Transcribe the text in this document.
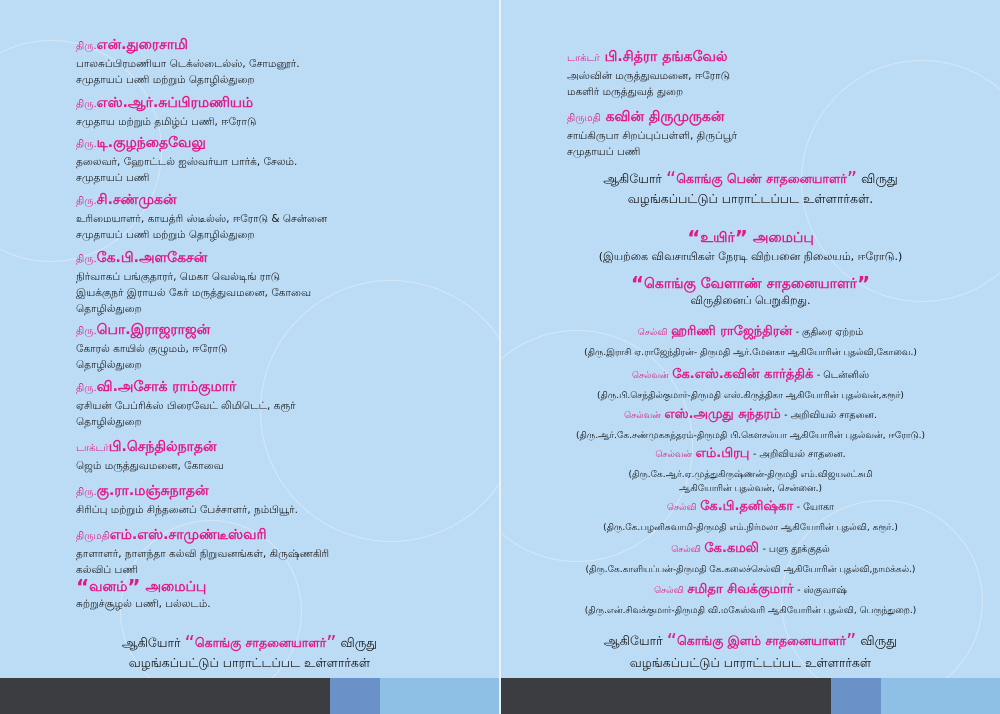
திரு.என்.துரைசாமி
பாலசுப்பிரமணியா டெக்ஸ்டைல்ஸ், சோமனூர்.
சமுதாயப் பணி மற்றும் தொழில்துறை
திரு.எஸ்.ஆர்.சுப்பிரமணியம்
சமுதாய மற்றும் தமிழ்ப் பணி, ஈரோடு
திரு.டி.குழந்தைவேலு
தலைவர், ஹோட்டல் ஐஸ்வர்யா பார்க், சேலம்.
சமுதாயப் பணி
திரு.சி.சண்முகன்
உரிமையாளர், காயத்ரி ஸ்டீல்ஸ், ஈரோடு & சென்னை
சமுதாயப் பணி மற்றும் தொழில்துறை
திரு.கே.பி.அளகேசன்
நிர்வாகப் பங்குதாரர், மெகா வெல்டிங் ராடு
இயக்குநர் இராயல் கேர் மருத்துவமனை, கோவை
தொழில்துறை
திரு.பொ.இராஜராஜன்
கோரல் காயில் குழுமம், ஈரோடு
தொழில்துறை
திரு.வி.அசோக் ராம்குமார்
ஏசியன் பேப்ரிக்ஸ் பிரைவேட் லிமிடெட், கரூர்
தொழில்துறை
டாக்டர்பி.செந்தில்நாதன்
ஜெம் மருத்துவமனை, கோவை
திரு.கு.ரா.மஞ்சுநாதன்
சிரிப்பு மற்றும் சிந்தனைப் பேச்சாளர், நம்பியூர்.
திருமதிஎம்.எஸ்.சாமுண்டீஸ்வரி
தாளாளர், நாளந்தா கல்வி நிறுவனங்கள், கிருஷ்ணகிரி
கல்விப் பணி
“வனம்” அமைப்பு
சுற்றுச்சூழல் பணி, பல்லடம்.
ஆகியோர் “கொங்கு சாதனையாளர்” விருது
வழங்கப்பட்டுப் பாராட்டப்பட உள்ளார்கள்
டாக்டர் பி.சித்ரா தங்கவேல்
அஸ்வின் மருத்துவமனை, ஈரோடு
மகளிர் மருத்துவத் துறை
திருமதி கவின் திருமுருகன்
சாய்கிருபா சிறப்புப்பள்ளி, திருப்பூர்
சமுதாயப் பணி
ஆகியோர் “கொங்கு பெண் சாதனையாளர்” விருது
வழங்கப்பட்டுப் பாராட்டப்பட உள்ளார்கள்.
“உயிர்” அமைப்பு
(இயற்கை விவசாயிகள் நேரடி விற்பனை நிலையம், ஈரோடு.)
“கொங்கு வேளாண் சாதனையாளர்”
விருதினைப் பெறுகிறது.
செல்வி ஹரிணி ராஜேந்திரன் - குதிரை ஏற்றம்
(திரு.இராசி ஏ.ராஜேந்திரன்- திருமதி ஆர்.மேனகா ஆகியோரின் புதல்வி,கோவை.)
செல்வன் கே.எஸ்.கவின் கார்த்திக் - டென்னிஸ்
(திரு.பி.செந்தில்குமார்-திருமதி எஸ்.கிருத்திகா ஆகியோரின் புதல்வன்,கரூர்)
செல்வன் எஸ்.அமுது சுந்தரம் - அறிவியல் சாதனை.
(திரு.ஆர்.கே.சண்முகசுந்தரம்-திருமதி பி.கௌசல்யா ஆகியோரின் புதல்வன், ஈரோடு.)
செல்வன் எம்.பிரபு - அறிவியல் சாதனை.
(திரு.கே.ஆர்.ஏ.முத்துகிருஷ்ணன்-திருமதி எம்.விஜயலட்சுமி
ஆகியோரின் புதல்வன், சென்னை.)
செல்வி கே.பி.தனிஷ்கா - யோகா
(திரு.கே.பழனிசுவாமி-திருமதி எம்.நிர்மலா ஆகியோரின் புதல்வி, கரூர்.)
செல்வி கே.கமலி - பளு தூக்குதல்
(திரு.கே.காளியப்பன்-திருமதி கே.கலைச்செல்வி ஆகியோரின் புதல்வி,நாமக்கல்.)
செல்வி சமிதா சிவக்குமார் - ஸ்குவாஷ்
(திரு.என்.சிவக்குமார்-திருமதி வி.மகேஸ்வரி ஆகியோரின் புதல்வி, பெருந்துறை.)
ஆகியோர் “கொங்கு இளம் சாதனையாளர்” விருது
வழங்கப்பட்டுப் பாராட்டப்பட உள்ளார்கள்
